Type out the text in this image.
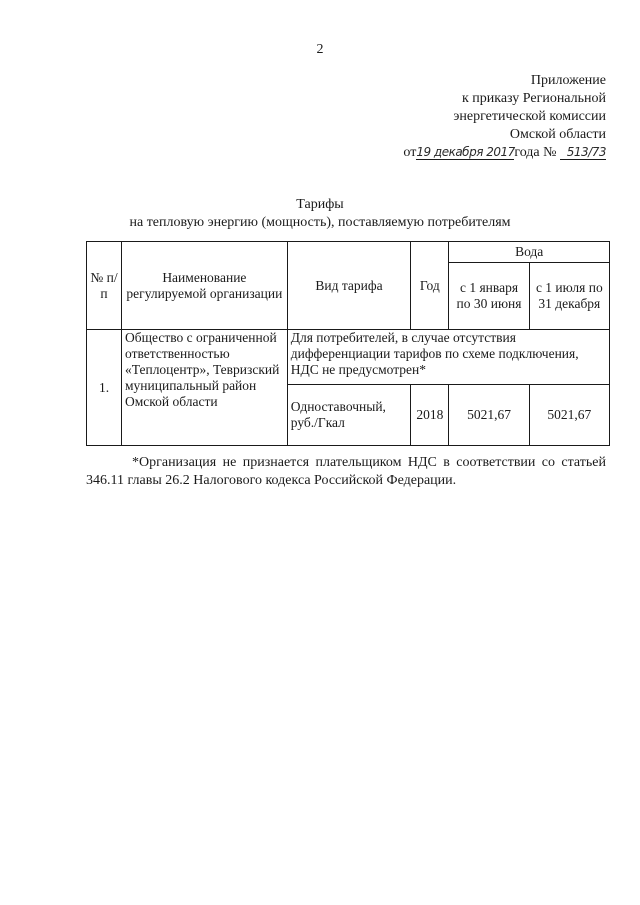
2
Приложение
к приказу Региональной
энергетической комиссии
Омской области
от19 декабря 2017года № 513/73
Тарифы
на тепловую энергию (мощность), поставляемую потребителям
№ п/п	Наименование регулируемой организации	Вид тарифа	Год	Вода	
				с 1 января по 30 июня	с 1 июля по 31 декабря
1.	Общество с ограниченной ответственностью «Теплоцентр», Тевризский муниципальный район Омской области	Для потребителей, в случае отсутствия дифференциации тарифов по схеме подключения, НДС не предусмотрен*			
		Одноставочный, руб./Гкал	2018	5021,67	5021,67
*Организация не признается плательщиком НДС в соответствии со статьей 346.11 главы 26.2 Налогового кодекса Российской Федерации.
